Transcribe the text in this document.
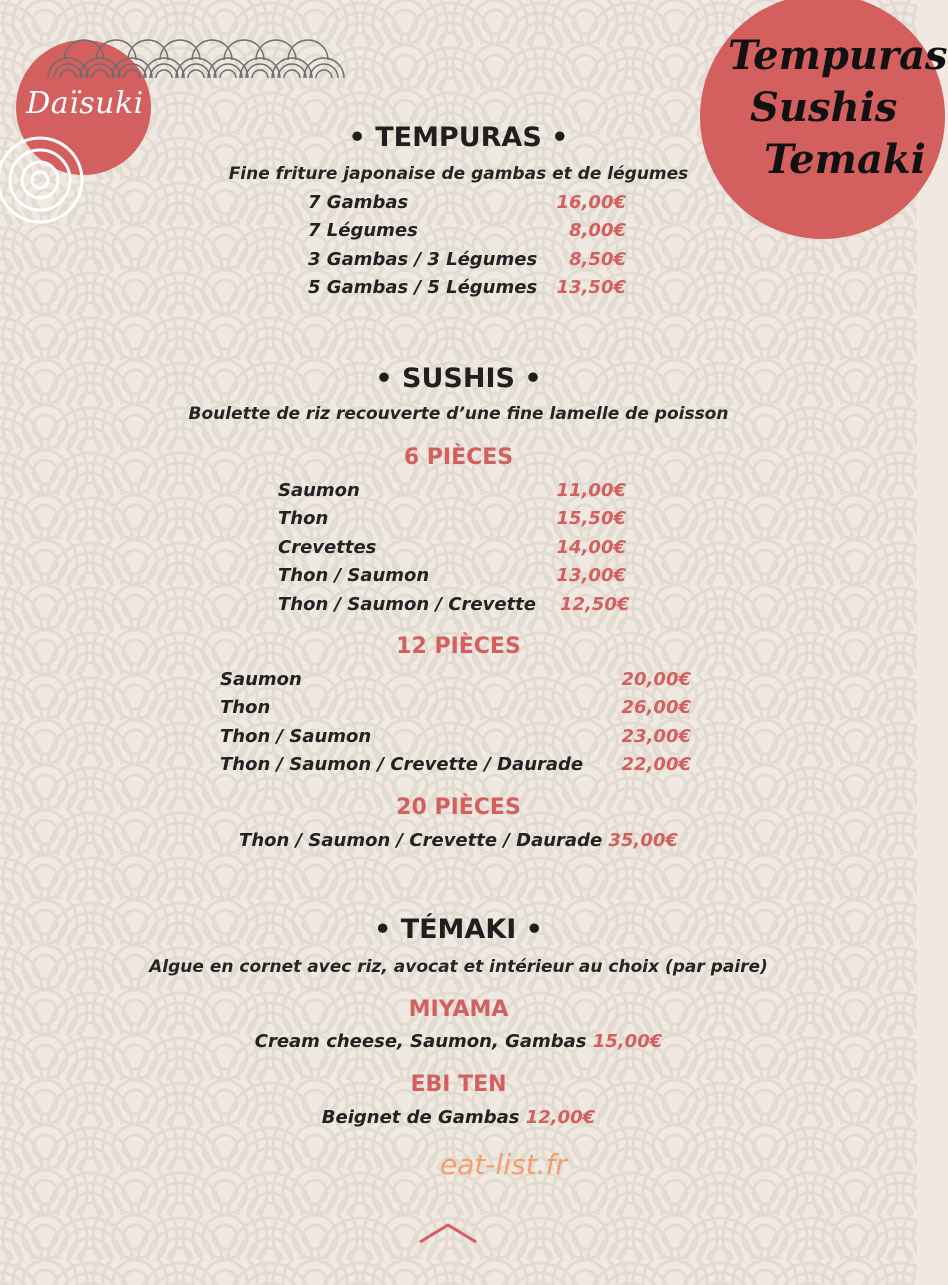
Daïsuki
Tempuras
Sushis
Temaki
• TEMPURAS •
Fine friture japonaise de gambas et de légumes
7 Gambas	16,00€
7 Légumes	8,00€
3 Gambas / 3 Légumes	8,50€
5 Gambas / 5 Légumes	13,50€
• SUSHIS •
Boulette de riz recouverte d’une fine lamelle de poisson
6 PIÈCES
Saumon	11,00€
Thon	15,50€
Crevettes	14,00€
Thon / Saumon	13,00€
Thon / Saumon / Crevette 12,50€
12 PIÈCES
Saumon	20,00€
Thon	26,00€
Thon / Saumon	23,00€
Thon / Saumon / Crevette / Daurade 22,00€
20 PIÈCES
Thon / Saumon / Crevette / Daurade 35,00€
• TÉMAKI •
Algue en cornet avec riz, avocat et intérieur au choix (par paire)
MIYAMA
Cream cheese, Saumon, Gambas 15,00€
EBI TEN
Beignet de Gambas 12,00€
eat-list.fr
